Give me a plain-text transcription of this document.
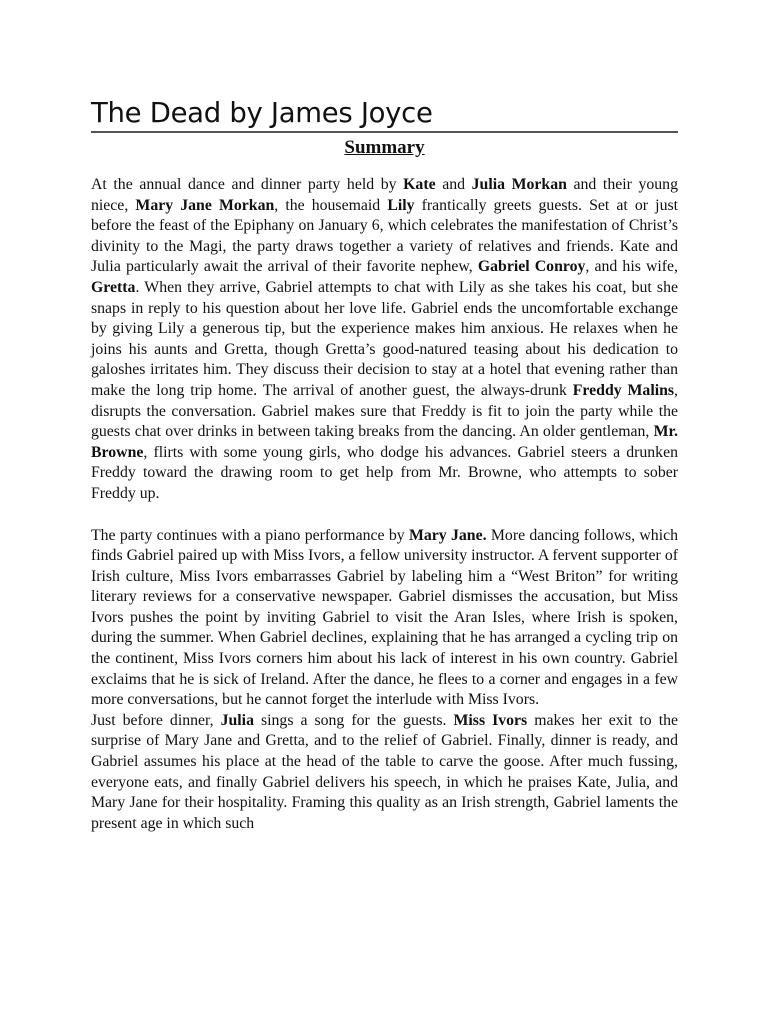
The Dead by James Joyce
Summary

At the annual dance and dinner party held by Kate and Julia Morkan and their young niece, Mary Jane Morkan, the housemaid Lily frantically greets guests. Set at or just before the feast of the Epiphany on January 6, which celebrates the manifestation of Christ’s divinity to the Magi, the party draws together a variety of relatives and friends. Kate and Julia particularly await the arrival of their favorite nephew, Gabriel Conroy, and his wife, Gretta. When they arrive, Gabriel attempts to chat with Lily as she takes his coat, but she snaps in reply to his question about her love life. Gabriel ends the uncomfortable exchange by giving Lily a generous tip, but the experience makes him anxious. He relaxes when he joins his aunts and Gretta, though Gretta’s good-natured teasing about his dedication to galoshes irritates him. They discuss their decision to stay at a hotel that evening rather than make the long trip home. The arrival of another guest, the always-drunk Freddy Malins, disrupts the conversation. Gabriel makes sure that Freddy is fit to join the party while the guests chat over drinks in between taking breaks from the dancing. An older gentleman, Mr. Browne, flirts with some young girls, who dodge his advances. Gabriel steers a drunken Freddy toward the drawing room to get help from Mr. Browne, who attempts to sober Freddy up.

The party continues with a piano performance by Mary Jane. More dancing follows, which finds Gabriel paired up with Miss Ivors, a fellow university instructor. A fervent supporter of Irish culture, Miss Ivors embarrasses Gabriel by labeling him a “West Briton” for writing literary reviews for a conservative newspaper. Gabriel dismisses the accusation, but Miss Ivors pushes the point by inviting Gabriel to visit the Aran Isles, where Irish is spoken, during the summer. When Gabriel declines, explaining that he has arranged a cycling trip on the continent, Miss Ivors corners him about his lack of interest in his own country. Gabriel exclaims that he is sick of Ireland. After the dance, he flees to a corner and engages in a few more conversations, but he cannot forget the interlude with Miss Ivors.

Just before dinner, Julia sings a song for the guests. Miss Ivors makes her exit to the surprise of Mary Jane and Gretta, and to the relief of Gabriel. Finally, dinner is ready, and Gabriel assumes his place at the head of the table to carve the goose. After much fussing, everyone eats, and finally Gabriel delivers his speech, in which he praises Kate, Julia, and Mary Jane for their hospitality. Framing this quality as an Irish strength, Gabriel laments the present age in which such
